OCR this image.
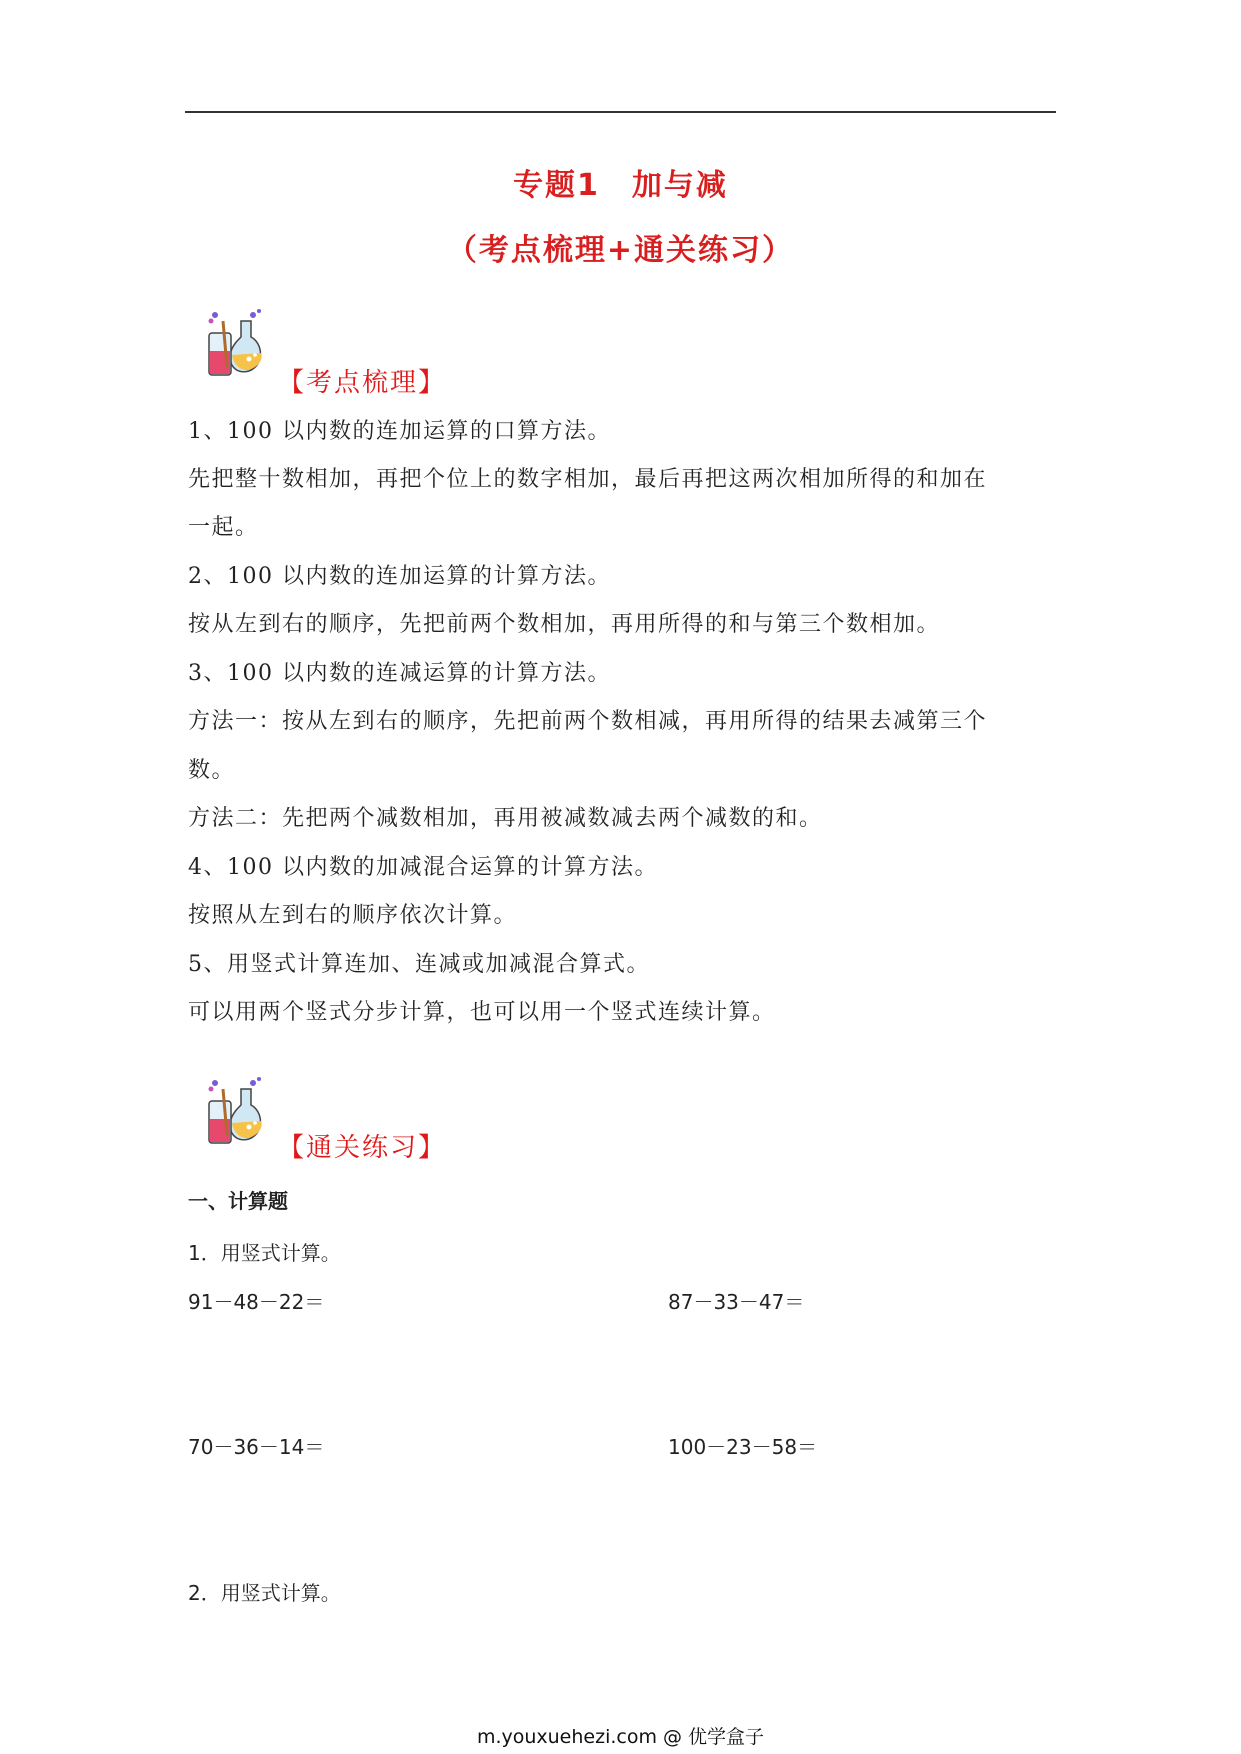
专题1　加与减
（考点梳理+通关练习）
【考点梳理】
1、100 以内数的连加运算的口算方法。
先把整十数相加，再把个位上的数字相加，最后再把这两次相加所得的和加在
一起。
2、100 以内数的连加运算的计算方法。
按从左到右的顺序，先把前两个数相加，再用所得的和与第三个数相加。
3、100 以内数的连减运算的计算方法。
方法一：按从左到右的顺序，先把前两个数相减，再用所得的结果去减第三个
数。
方法二：先把两个减数相加，再用被减数减去两个减数的和。
4、100 以内数的加减混合运算的计算方法。
按照从左到右的顺序依次计算。
5、用竖式计算连加、连减或加减混合算式。
可以用两个竖式分步计算，也可以用一个竖式连续计算。
【通关练习】
一、计算题
1．用竖式计算。
91－48－22＝	87－33－47＝
70－36－14＝	100－23－58＝
2．用竖式计算。
m.youxuehezi.com @ 优学盒子
